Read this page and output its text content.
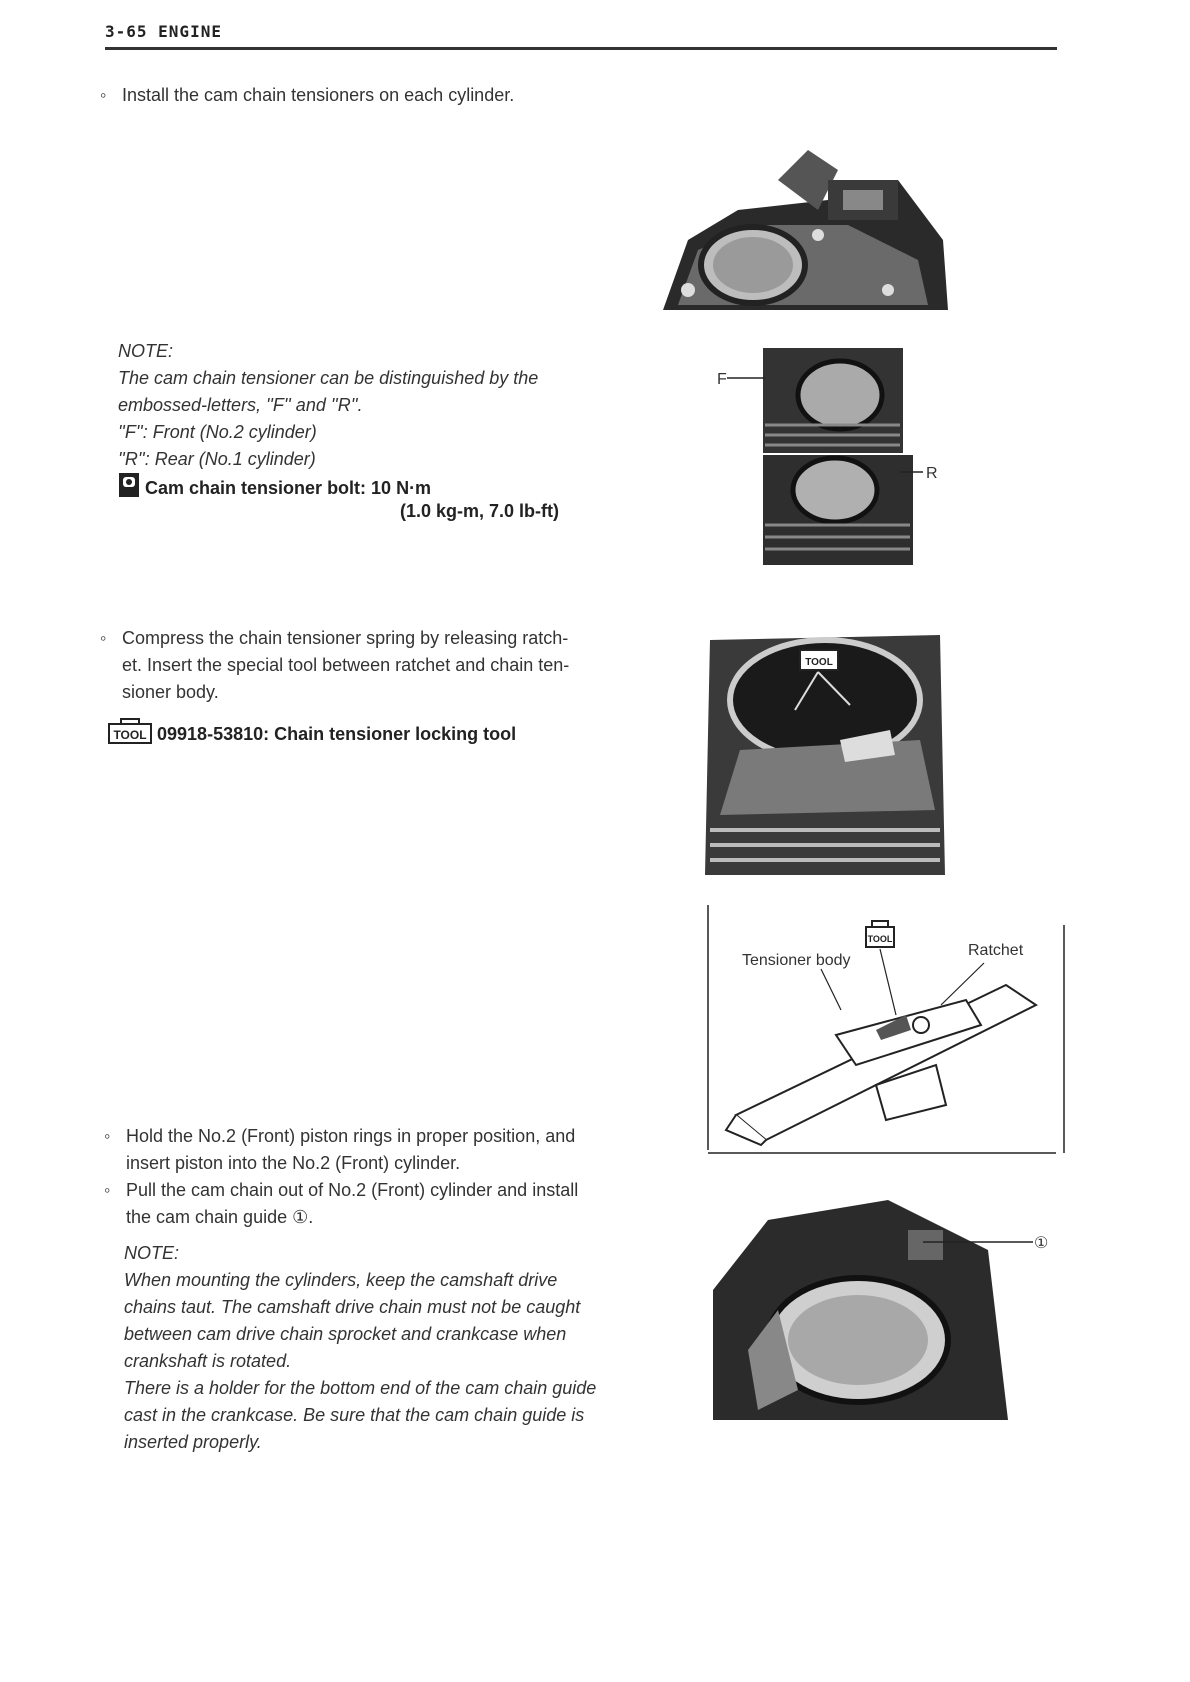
3-65 ENGINE
◦ Install the cam chain tensioners on each cylinder.
NOTE:
The cam chain tensioner can be distinguished by the
embossed-letters, ''F'' and ''R''.
''F'': Front (No.2 cylinder)
''R'': Rear (No.1 cylinder)
Cam chain tensioner bolt: 10 N·m
(1.0 kg-m, 7.0 lb-ft)
F
R
◦ Compress the chain tensioner spring by releasing ratch-
et. Insert the special tool between ratchet and chain ten-
sioner body.
TOOL 09918-53810: Chain tensioner locking tool
TOOL
TOOL
Tensioner body
Ratchet
◦ Hold the No.2 (Front) piston rings in proper position, and
insert piston into the No.2 (Front) cylinder.
◦ Pull the cam chain out of No.2 (Front) cylinder and install
the cam chain guide ①.
NOTE:
When mounting the cylinders, keep the camshaft drive
chains taut. The camshaft drive chain must not be caught
between cam drive chain sprocket and crankcase when
crankshaft is rotated.
There is a holder for the bottom end of the cam chain guide
cast in the crankcase. Be sure that the cam chain guide is
inserted properly.
①
